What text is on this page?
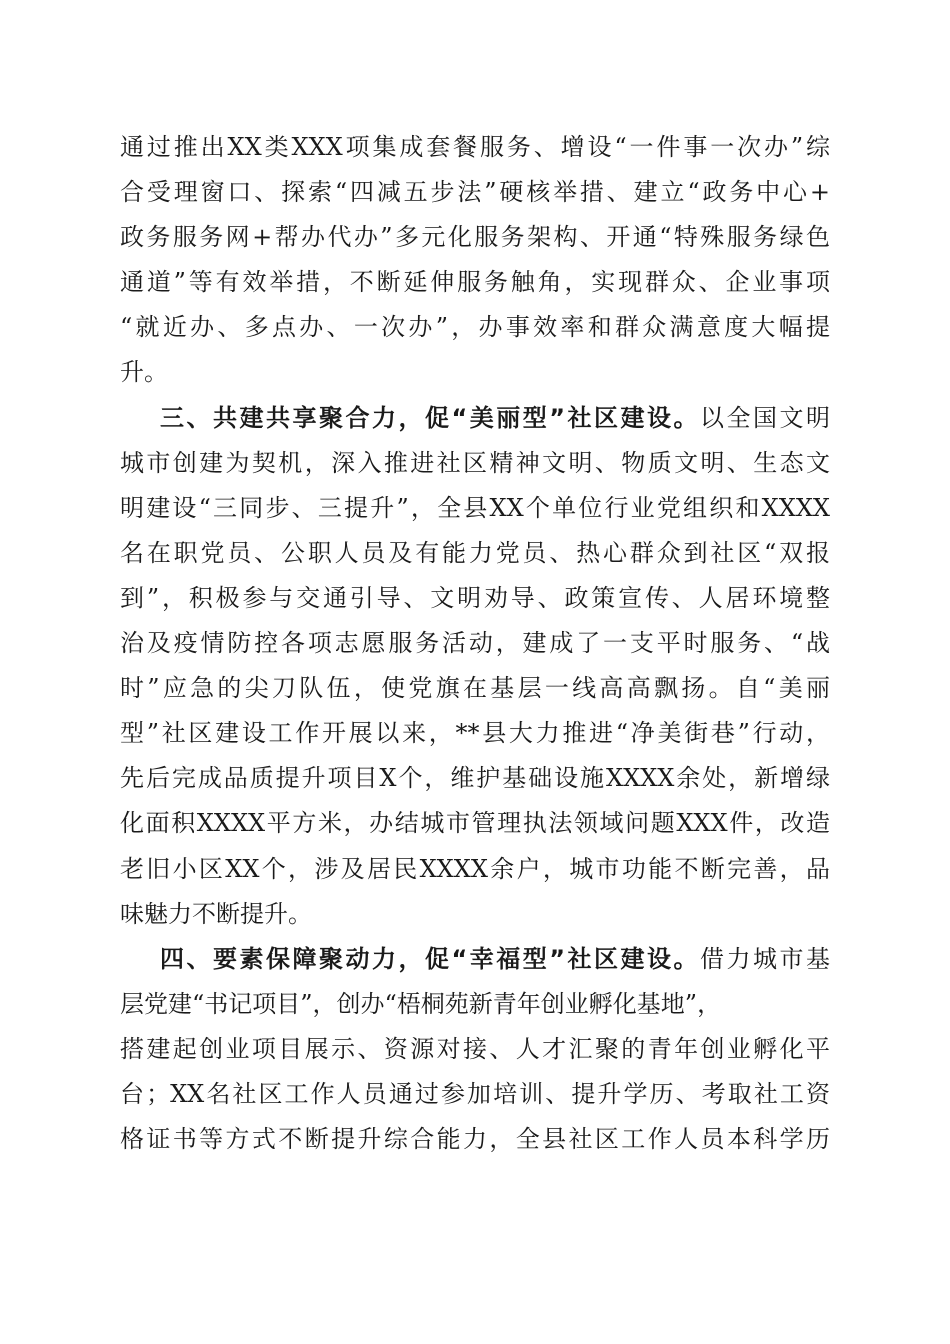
通过推出XX类XXX项集成套餐服务、增设“一件事一次办”综
合受理窗口、探索“四减五步法”硬核举措、建立“政务中心+
政务服务网+帮办代办”多元化服务架构、开通“特殊服务绿色
通道”等有效举措，不断延伸服务触角，实现群众、企业事项
“就近办、多点办、一次办”，办事效率和群众满意度大幅提
升。
三、共建共享聚合力，促“美丽型”社区建设。以全国文明
城市创建为契机，深入推进社区精神文明、物质文明、生态文
明建设“三同步、三提升”，全县XX个单位行业党组织和XXXX
名在职党员、公职人员及有能力党员、热心群众到社区“双报
到”，积极参与交通引导、文明劝导、政策宣传、人居环境整
治及疫情防控各项志愿服务活动，建成了一支平时服务、“战
时”应急的尖刀队伍，使党旗在基层一线高高飘扬。自“美丽
型”社区建设工作开展以来，**县大力推进“净美街巷”行动，
先后完成品质提升项目X个，维护基础设施XXXX余处，新增绿
化面积XXXX平方米，办结城市管理执法领域问题XXX件，改造
老旧小区XX个，涉及居民XXXX余户，城市功能不断完善，品
味魅力不断提升。
四、要素保障聚动力，促“幸福型”社区建设。借力城市基
层党建“书记项目”，创办“梧桐苑新青年创业孵化基地”，
搭建起创业项目展示、资源对接、人才汇聚的青年创业孵化平
台；XX名社区工作人员通过参加培训、提升学历、考取社工资
格证书等方式不断提升综合能力，全县社区工作人员本科学历
